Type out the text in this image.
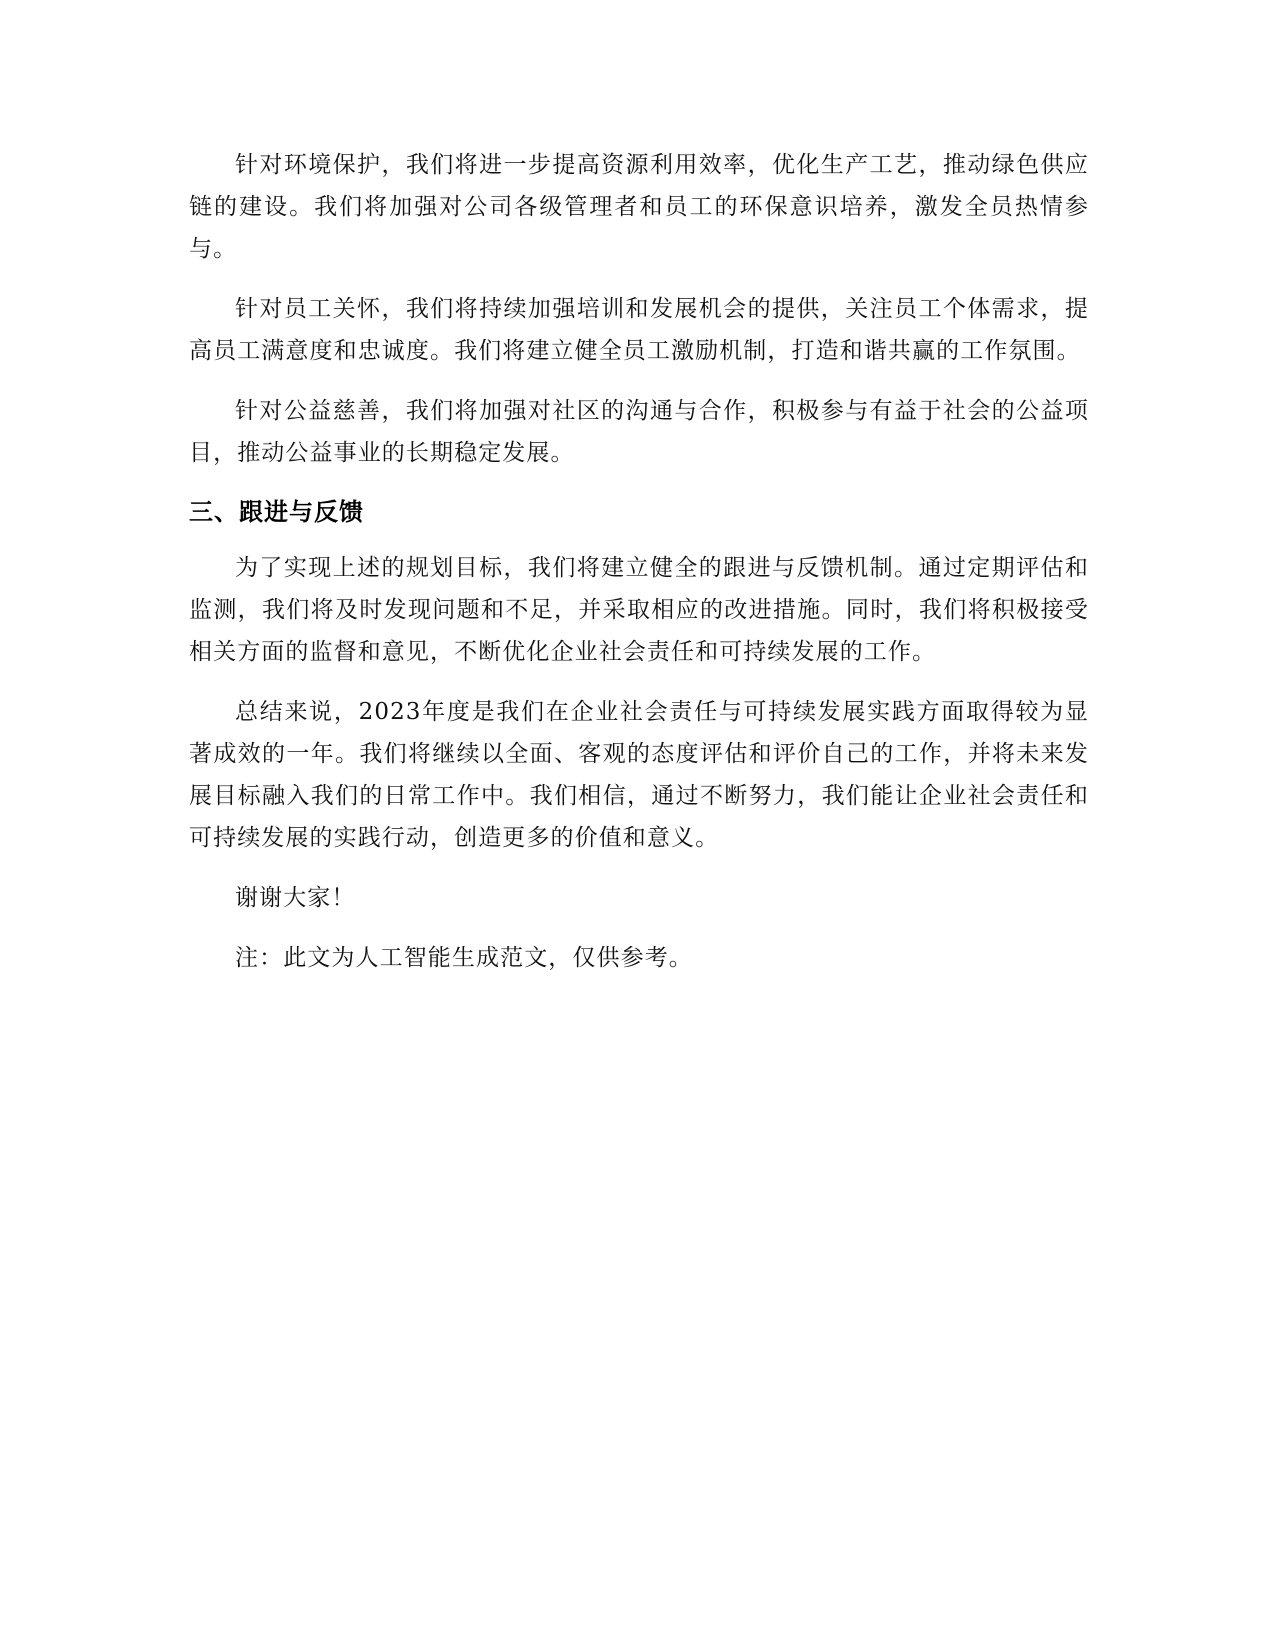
针对环境保护，我们将进一步提高资源利用效率，优化生产工艺，推动绿色供应链的建设。我们将加强对公司各级管理者和员工的环保意识培养，激发全员热情参与。

针对员工关怀，我们将持续加强培训和发展机会的提供，关注员工个体需求，提高员工满意度和忠诚度。我们将建立健全员工激励机制，打造和谐共赢的工作氛围。

针对公益慈善，我们将加强对社区的沟通与合作，积极参与有益于社会的公益项目，推动公益事业的长期稳定发展。

三、跟进与反馈

为了实现上述的规划目标，我们将建立健全的跟进与反馈机制。通过定期评估和监测，我们将及时发现问题和不足，并采取相应的改进措施。同时，我们将积极接受相关方面的监督和意见，不断优化企业社会责任和可持续发展的工作。

总结来说，2023年度是我们在企业社会责任与可持续发展实践方面取得较为显著成效的一年。我们将继续以全面、客观的态度评估和评价自己的工作，并将未来发展目标融入我们的日常工作中。我们相信，通过不断努力，我们能让企业社会责任和可持续发展的实践行动，创造更多的价值和意义。

谢谢大家！

注：此文为人工智能生成范文，仅供参考。
